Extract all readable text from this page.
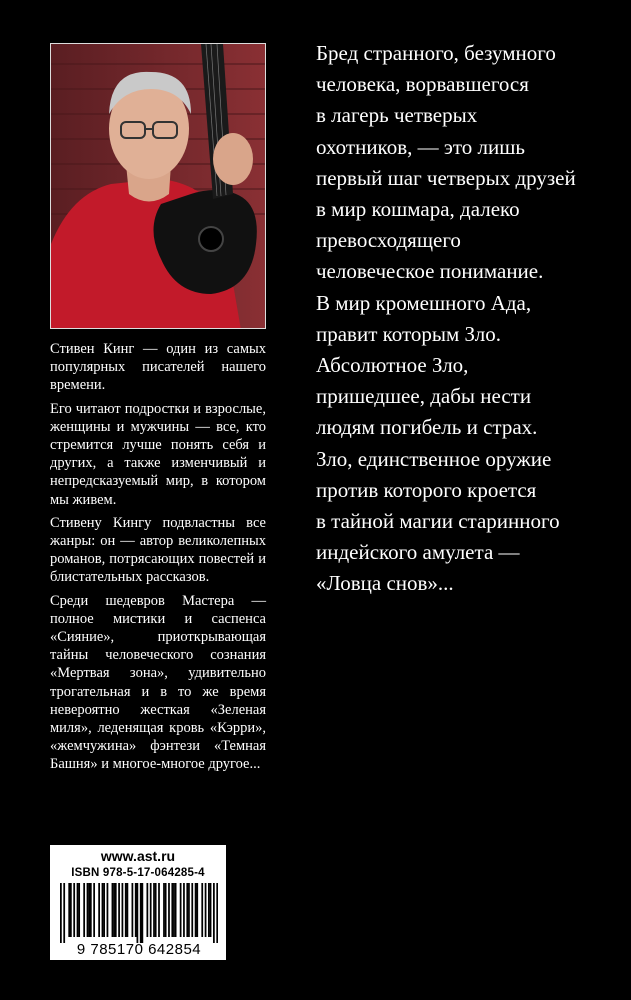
Стивен Кинг — один из самых популярных писателей нашего времени.

Его читают подростки и взрослые, женщины и мужчины — все, кто стремится лучше понять себя и других, а также изменчивый и непредсказуемый мир, в котором мы живем.

Стивену Кингу подвластны все жанры: он — автор великолепных романов, потрясающих повестей и блистательных рассказов.

Среди шедевров Мастера — полное мистики и саспенса «Сияние», приоткрывающая тайны человеческого сознания «Мертвая зона», удивительно трогательная и в то же время невероятно жесткая «Зеленая миля», леденящая кровь «Кэрри», «жемчужина» фэнтези «Темная Башня» и многое-многое другое...

Бред странного, безумного
человека, ворвавшегося
в лагерь четверых
охотников, — это лишь
первый шаг четверых друзей
в мир кошмара, далеко
превосходящего
человеческое понимание.
В мир кромешного Ада,
правит которым Зло.
Абсолютное Зло,
пришедшее, дабы нести
людям погибель и страх.
Зло, единственное оружие
против которого кроется
в тайной магии старинного
индейского амулета —
«Ловца снов»...
www.ast.ru
ISBN 978-5-17-064285-4
9 785170 642854
